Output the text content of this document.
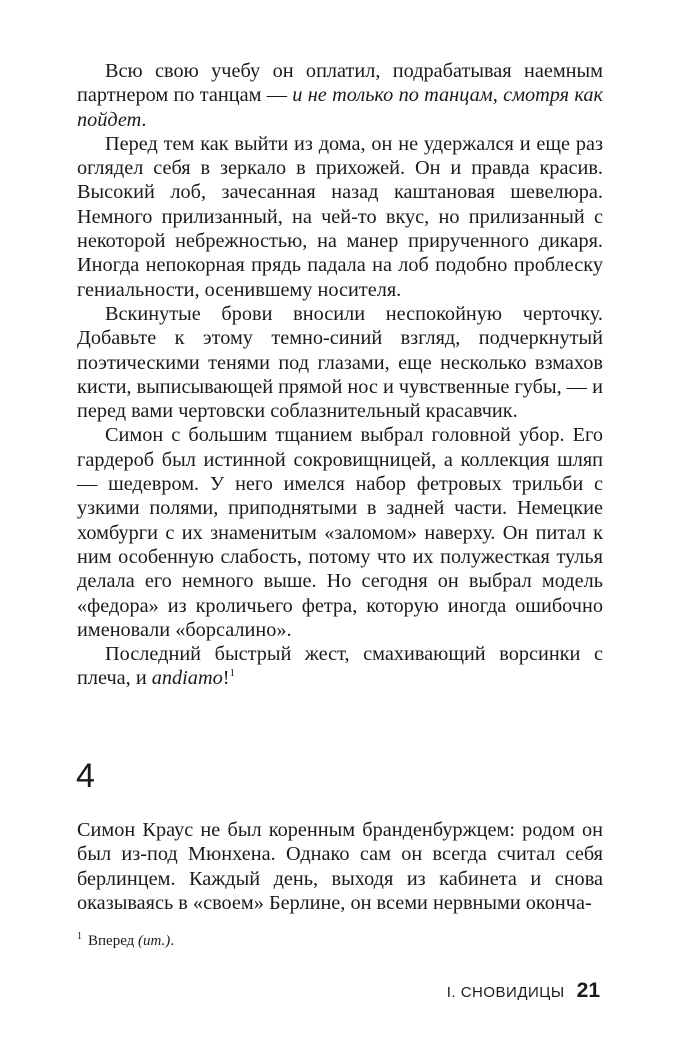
Всю свою учебу он оплатил, подрабатывая наемным партнером по танцам — и не только по танцам, смотря как пойдет.

Перед тем как выйти из дома, он не удержался и еще раз оглядел себя в зеркало в прихожей. Он и правда красив. Высокий лоб, зачесанная назад каштановая шевелюра. Немного прилизанный, на чей-то вкус, но прилизанный с некоторой небрежностью, на манер прирученного дикаря. Иногда непокорная прядь падала на лоб подобно проблеску гениальности, осенившему носителя.

Вскинутые брови вносили неспокойную черточку. Добавьте к этому темно-синий взгляд, подчеркнутый поэтическими тенями под глазами, еще несколько взмахов кисти, выписывающей прямой нос и чувственные губы, — и перед вами чертовски соблазнительный красавчик.

Симон с большим тщанием выбрал головной убор. Его гардероб был истинной сокровищницей, а коллекция шляп — шедевром. У него имелся набор фетровых трильби с узкими полями, приподнятыми в задней части. Немецкие хомбурги с их знаменитым «заломом» наверху. Он питал к ним особенную слабость, потому что их полужесткая тулья делала его немного выше. Но сегодня он выбрал модель «федора» из кроличьего фетра, которую иногда ошибочно именовали «борсалино».

Последний быстрый жест, смахивающий ворсинки с плеча, и andiamo!$^1$

4

Симон Краус не был коренным бранденбуржцем: родом он был из-под Мюнхена. Однако сам он всегда считал себя берлинцем. Каждый день, выходя из кабинета и снова оказываясь в «своем» Берлине, он всеми нервными оконча-

$^1$ Вперед (ит.).
I. СНОВИДИЦЫ 21
